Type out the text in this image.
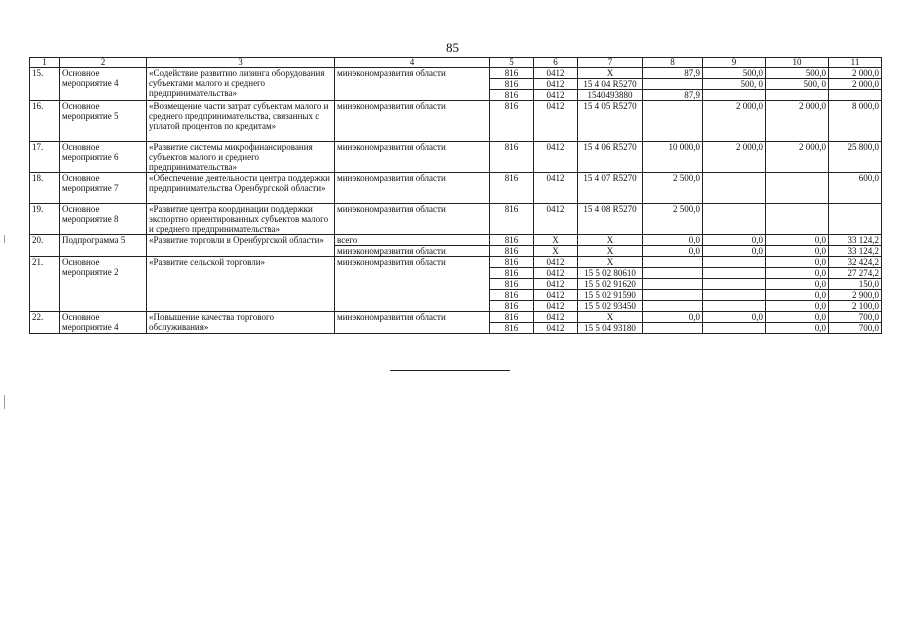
85
1	2	3	4	5	6	7	8	9	10	11
15.	Основное мероприятие 4	«Содействие развитию лизинга оборудования субъектами малого и среднего предпринимательства»	минэкономразвития области	816	0412	X	87,9	500,0	500,0	2 000,0
				816	0412	15 4 04 R5270		500, 0	500, 0	2 000,0
				816	0412	1540493880	87,9			
16.	Основное мероприятие 5	«Возмещение части затрат субъектам малого и среднего предпринимательства, связанных с уплатой процентов по кредитам»	минэкономразвития области	816	0412	15 4 05 R5270		2 000,0	2 000,0	8 000,0
17.	Основное мероприятие 6	«Развитие системы микрофинансирования субъектов малого и среднего предпринимательства»	минэкономразвития области	816	0412	15 4 06 R5270	10 000,0	2 000,0	2 000,0	25 800,0
18.	Основное мероприятие 7	«Обеспечение деятельности центра поддержки предпринимательства Оренбургской области»	минэкономразвития области	816	0412	15 4 07 R5270	2 500,0			600,0
19.	Основное мероприятие 8	«Развитие центра координации поддержки экспортно ориентированных субъектов малого и среднего предпринимательства»	минэкономразвития области	816	0412	15 4 08 R5270	2 500,0			
20.	Подпрограмма 5	«Развитие торговли в Оренбургской области»	всего	816	X	X	0,0	0,0	0,0	33 124,2
			минэкономразвития области	816	X	X	0,0	0,0	0,0	33 124,2
21.	Основное мероприятие 2	«Развитие сельской торговли»	минэкономразвития области	816	0412	X			0,0	32 424,2
				816	0412	15 5 02 80610			0,0	27 274,2
				816	0412	15 5 02 91620			0,0	150,0
				816	0412	15 5 02 91590			0,0	2 900,0
				816	0412	15 5 02 93450			0,0	2 100,0
22.	Основное мероприятие 4	«Повышение качества торгового обслуживания»	минэкономразвития области	816	0412	X	0,0	0,0	0,0	700,0
				816	0412	15 5 04 93180			0,0	700,0
